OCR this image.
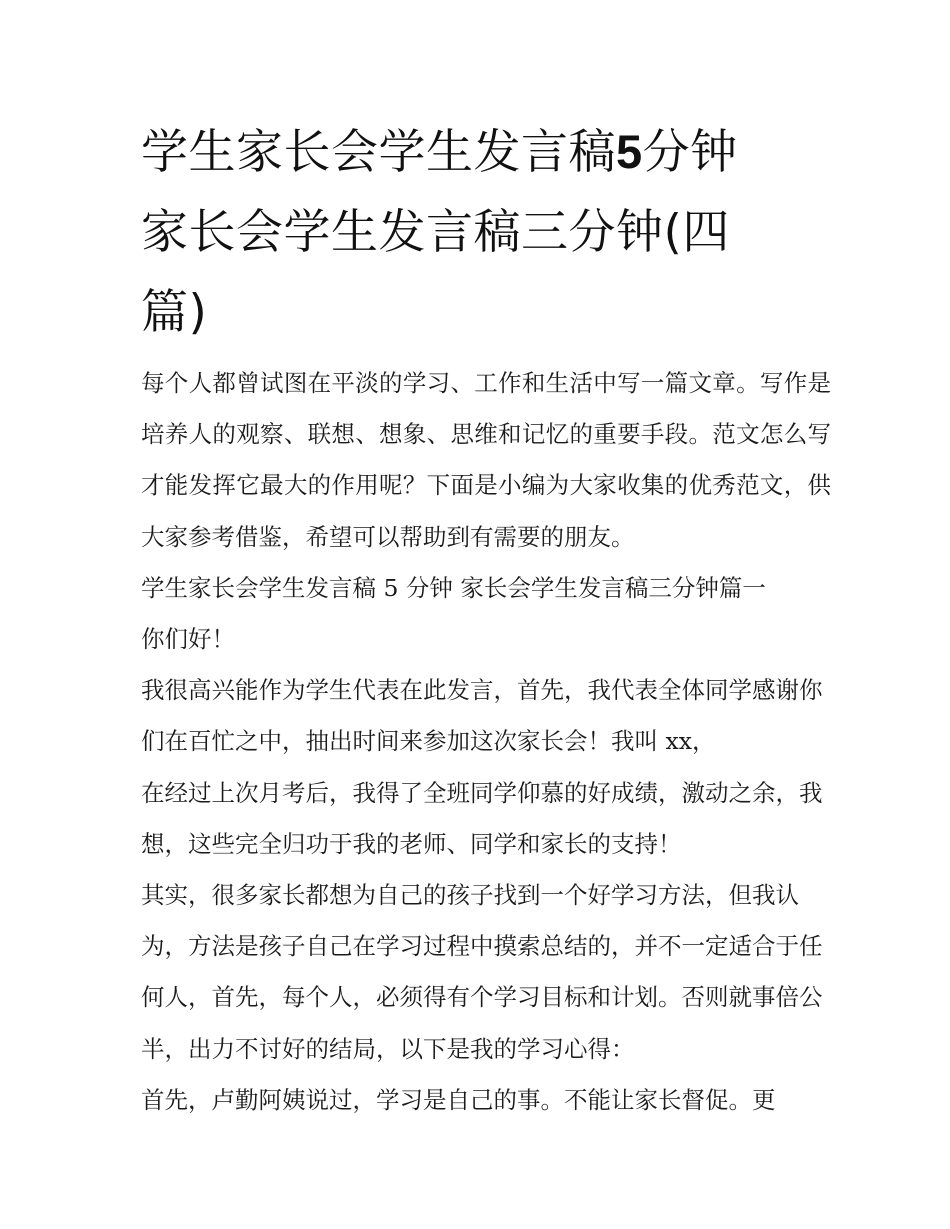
学生家长会学生发言稿5分钟
家长会学生发言稿三分钟(四
篇)

每个人都曾试图在平淡的学习、工作和生活中写一篇文章。写作是培养人的观察、联想、想象、思维和记忆的重要手段。范文怎么写才能发挥它最大的作用呢？下面是小编为大家收集的优秀范文，供大家参考借鉴，希望可以帮助到有需要的朋友。

学生家长会学生发言稿 5 分钟 家长会学生发言稿三分钟篇一

你们好！

我很高兴能作为学生代表在此发言，首先，我代表全体同学感谢你们在百忙之中，抽出时间来参加这次家长会！我叫 xx，

在经过上次月考后，我得了全班同学仰慕的好成绩，激动之余，我想，这些完全归功于我的老师、同学和家长的支持！

其实，很多家长都想为自己的孩子找到一个好学习方法，但我认为，方法是孩子自己在学习过程中摸索总结的，并不一定适合于任何人，首先，每个人，必须得有个学习目标和计划。否则就事倍公半，出力不讨好的结局，以下是我的学习心得：

首先，卢勤阿姨说过，学习是自己的事。不能让家长督促。更
